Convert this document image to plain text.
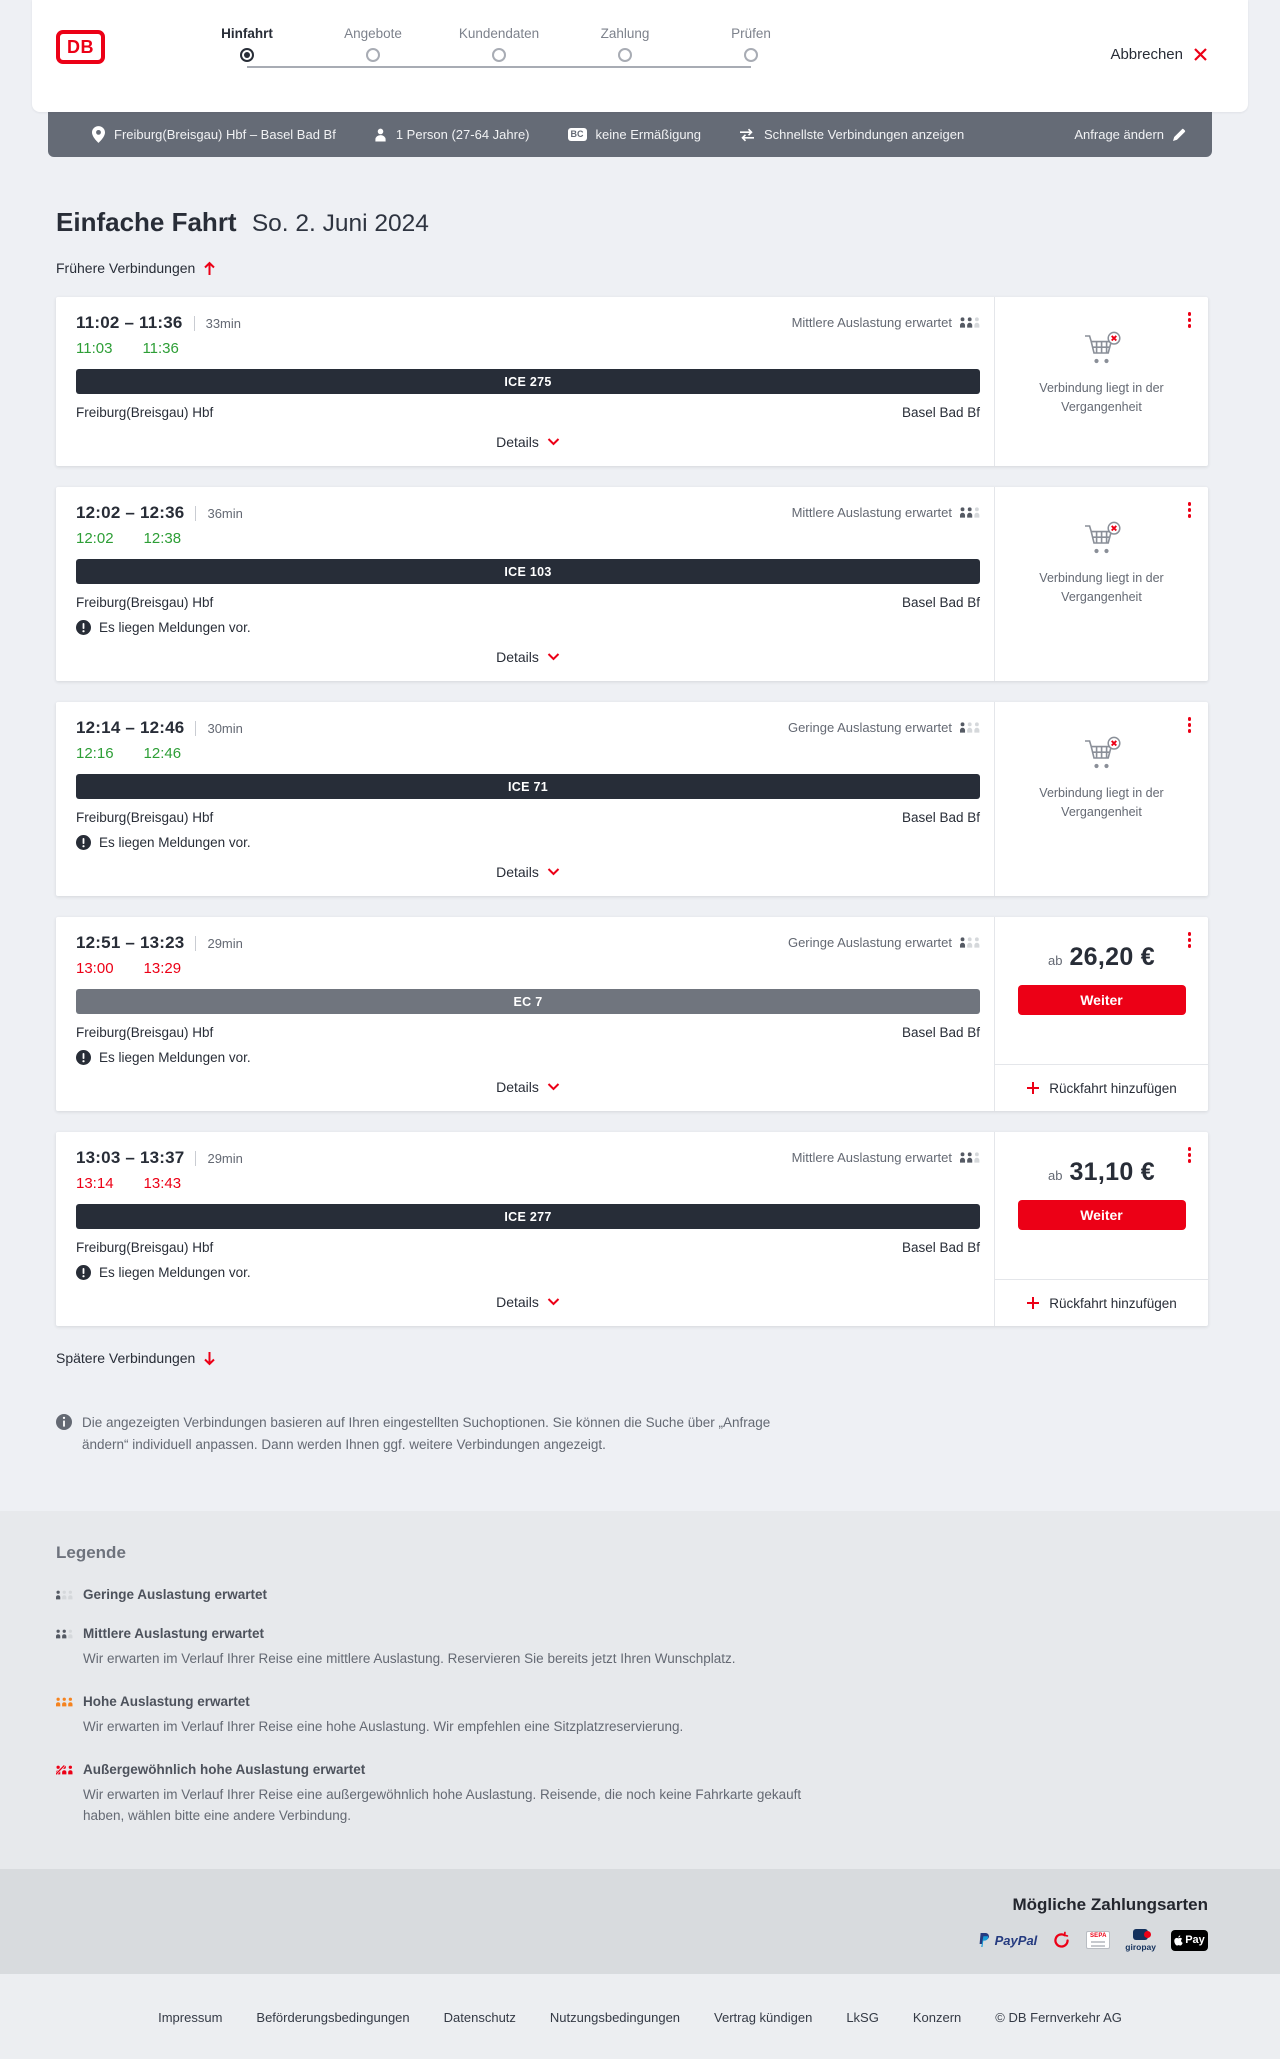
DB
Hinfahrt	Angebote	Kundendaten	Zahlung	Prüfen
Abbrechen
Freiburg(Breisgau) Hbf – Basel Bad Bf	1 Person (27-64 Jahre)	BC keine Ermäßigung	Schnellste Verbindungen anzeigen	Anfrage ändern
Einfache Fahrt So. 2. Juni 2024
Frühere Verbindungen
11:02 – 11:36 33min	Mittlere Auslastung erwartet
11:03 11:36
ICE 275
Freiburg(Breisgau) Hbf	Basel Bad Bf
Details

Verbindung liegt in der Vergangenheit

12:02 – 12:36 36min	Mittlere Auslastung erwartet
12:02 12:38
ICE 103
Freiburg(Breisgau) Hbf	Basel Bad Bf
Es liegen Meldungen vor.
Details

Verbindung liegt in der Vergangenheit

12:14 – 12:46 30min	Geringe Auslastung erwartet
12:16 12:46
ICE 71
Freiburg(Breisgau) Hbf	Basel Bad Bf
Es liegen Meldungen vor.
Details

Verbindung liegt in der Vergangenheit

12:51 – 13:23 29min	Geringe Auslastung erwartet
13:00 13:29
EC 7
Freiburg(Breisgau) Hbf	Basel Bad Bf
Es liegen Meldungen vor.
Details
ab 26,20 €
Weiter
Rückfahrt hinzufügen
13:03 – 13:37 29min	Mittlere Auslastung erwartet
13:14 13:43
ICE 277
Freiburg(Breisgau) Hbf	Basel Bad Bf
Es liegen Meldungen vor.
Details
ab 31,10 €
Weiter
Rückfahrt hinzufügen
Spätere Verbindungen

Die angezeigten Verbindungen basieren auf Ihren eingestellten Suchoptionen. Sie können die Suche über „Anfrage ändern“ individuell anpassen. Dann werden Ihnen ggf. weitere Verbindungen angezeigt.

Legende
Geringe Auslastung erwartet
Mittlere Auslastung erwartet

Wir erwarten im Verlauf Ihrer Reise eine mittlere Auslastung. Reservieren Sie bereits jetzt Ihren Wunschplatz.

Hohe Auslastung erwartet

Wir erwarten im Verlauf Ihrer Reise eine hohe Auslastung. Wir empfehlen eine Sitzplatzreservierung.

Außergewöhnlich hohe Auslastung erwartet

Wir erwarten im Verlauf Ihrer Reise eine außergewöhnlich hohe Auslastung. Reisende, die noch keine Fahrkarte gekauft haben, wählen bitte eine andere Verbindung.

Mögliche Zahlungsarten
PayPal	SEPA
giropay
Pay
Impressum	Beförderungsbedingungen	Datenschutz	Nutzungsbedingungen	Vertrag kündigen	LkSG	Konzern	© DB Fernverkehr AG
